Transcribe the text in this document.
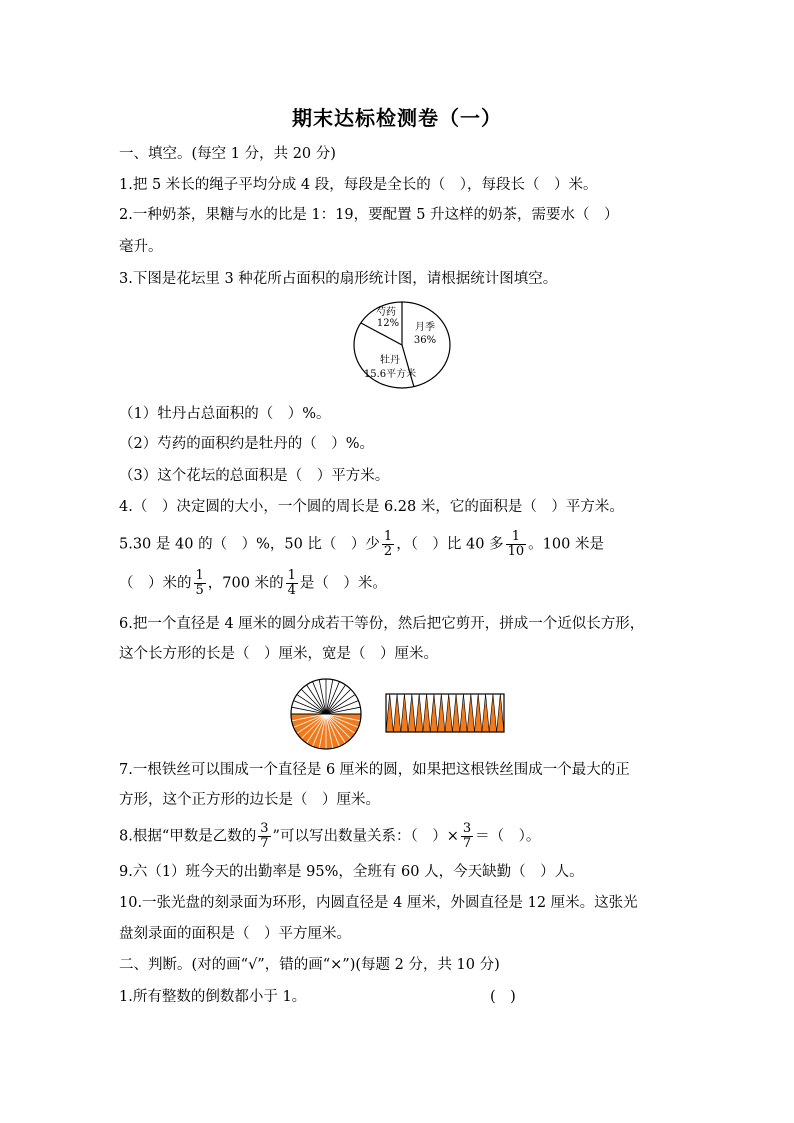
期末达标检测卷（一）
一、填空。(每空 1 分，共 20 分)
1.把 5 米长的绳子平均分成 4 段，每段是全长的（　），每段长（　）米。
2.一种奶茶，果糖与水的比是 1：19，要配置 5 升这样的奶茶，需要水（　）
毫升。
3.下图是花坛里 3 种花所占面积的扇形统计图，请根据统计图填空。
芍药
12% 月季
36%
牡丹
15.6平方米
（1）牡丹占总面积的（　）%。
（2）芍药的面积约是牡丹的（　）%。
（3）这个花坛的总面积是（　）平方米。
4.（　）决定圆的大小，一个圆的周长是 6.28 米，它的面积是（　）平方米。
5.30 是 40 的（　）%，50 比（　）少 $\frac{1}{2}$ ，（　）比 40 多 $\frac{1}{10}$ 。100 米是
（　）米的 $\frac{1}{5}$ ，700 米的 $\frac{1}{4}$ 是（　）米。
6.把一个直径是 4 厘米的圆分成若干等份，然后把它剪开，拼成一个近似长方形，
这个长方形的长是（　）厘米，宽是（　）厘米。
7.一根铁丝可以围成一个直径是 6 厘米的圆，如果把这根铁丝围成一个最大的正
方形，这个正方形的边长是（　）厘米。
8.根据“甲数是乙数的 $\frac{3}{7}$ ”可以写出数量关系：（　）× $\frac{3}{7}$ ＝（　）。
9.六（1）班今天的出勤率是 95%，全班有 60 人，今天缺勤（　）人。
10.一张光盘的刻录面为环形，内圆直径是 4 厘米，外圆直径是 12 厘米。这张光
盘刻录面的面积是（　）平方厘米。
二、判断。(对的画“√”，错的画“×”)(每题 2 分，共 10 分)
1.所有整数的倒数都小于 1。	(　)
